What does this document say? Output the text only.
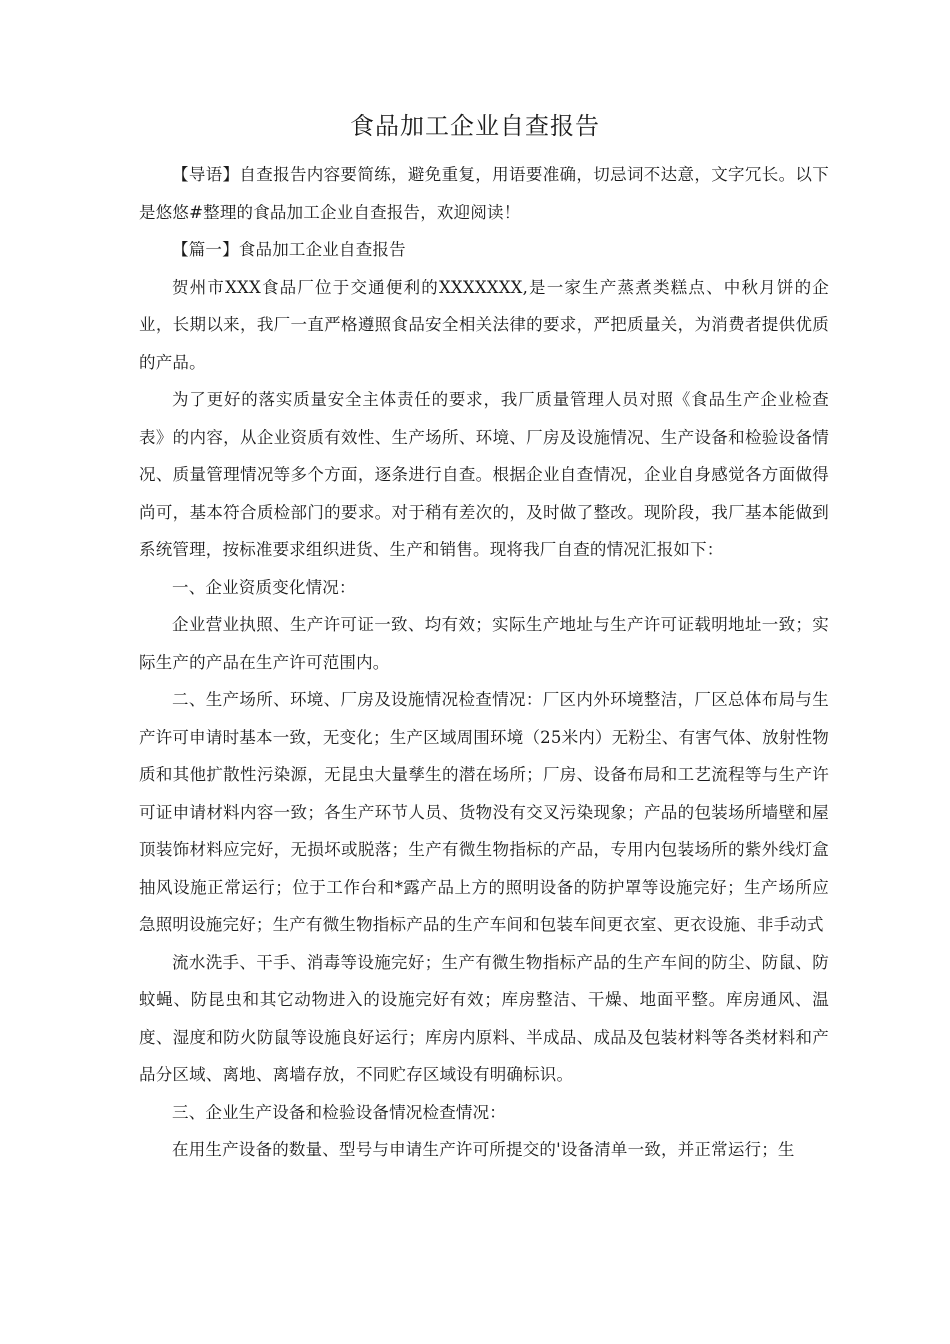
食品加工企业自查报告

【导语】自查报告内容要简练，避免重复，用语要准确，切忌词不达意，文字冗长。以下是悠悠#整理的食品加工企业自查报告，欢迎阅读！

【篇一】食品加工企业自查报告

贺州市XXX食品厂位于交通便利的XXXXXXX,是一家生产蒸煮类糕点、中秋月饼的企业，长期以来，我厂一直严格遵照食品安全相关法律的要求，严把质量关，为消费者提供优质的产品。

为了更好的落实质量安全主体责任的要求，我厂质量管理人员对照《食品生产企业检查表》的内容，从企业资质有效性、生产场所、环境、厂房及设施情况、生产设备和检验设备情况、质量管理情况等多个方面，逐条进行自查。根据企业自查情况，企业自身感觉各方面做得尚可，基本符合质检部门的要求。对于稍有差次的，及时做了整改。现阶段，我厂基本能做到系统管理，按标准要求组织进货、生产和销售。现将我厂自查的情况汇报如下：

一、企业资质变化情况：

企业营业执照、生产许可证一致、均有效；实际生产地址与生产许可证载明地址一致；实际生产的产品在生产许可范围内。

二、生产场所、环境、厂房及设施情况检查情况：厂区内外环境整洁，厂区总体布局与生产许可申请时基本一致，无变化；生产区域周围环境（25米内）无粉尘、有害气体、放射性物质和其他扩散性污染源，无昆虫大量孳生的潜在场所；厂房、设备布局和工艺流程等与生产许可证申请材料内容一致；各生产环节人员、货物没有交叉污染现象；产品的包装场所墙壁和屋顶装饰材料应完好，无损坏或脱落；生产有微生物指标的产品，专用内包装场所的紫外线灯盒抽风设施正常运行；位于工作台和*露产品上方的照明设备的防护罩等设施完好；生产场所应急照明设施完好；生产有微生物指标产品的生产车间和包装车间更衣室、更衣设施、非手动式

流水洗手、干手、消毒等设施完好；生产有微生物指标产品的生产车间的防尘、防鼠、防蚊蝇、防昆虫和其它动物进入的设施完好有效；库房整洁、干燥、地面平整。库房通风、温度、湿度和防火防鼠等设施良好运行；库房内原料、半成品、成品及包装材料等各类材料和产品分区域、离地、离墙存放，不同贮存区域设有明确标识。

三、企业生产设备和检验设备情况检查情况：

在用生产设备的数量、型号与申请生产许可所提交的'设备清单一致，并正常运行；生
